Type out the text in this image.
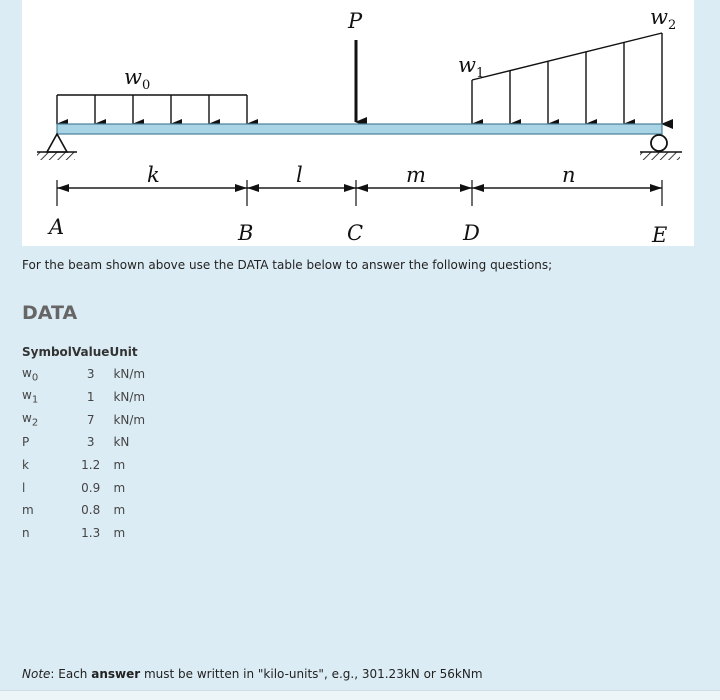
$w_0$
P
$w_1$
$w_2$
k	l	m	n
A	B	C	D	E
For the beam shown above use the DATA table below to answer the following questions;
DATA
Symbol	Value	Unit
$w_0$	3	kN/m
$w_1$	1	kN/m
$w_2$	7	kN/m
P	3	kN
k	1.2	m
l	0.9	m
m	0.8	m
n	1.3	m
Note: Each answer must be written in "kilo-units", e.g., 301.23kN or 56kNm
